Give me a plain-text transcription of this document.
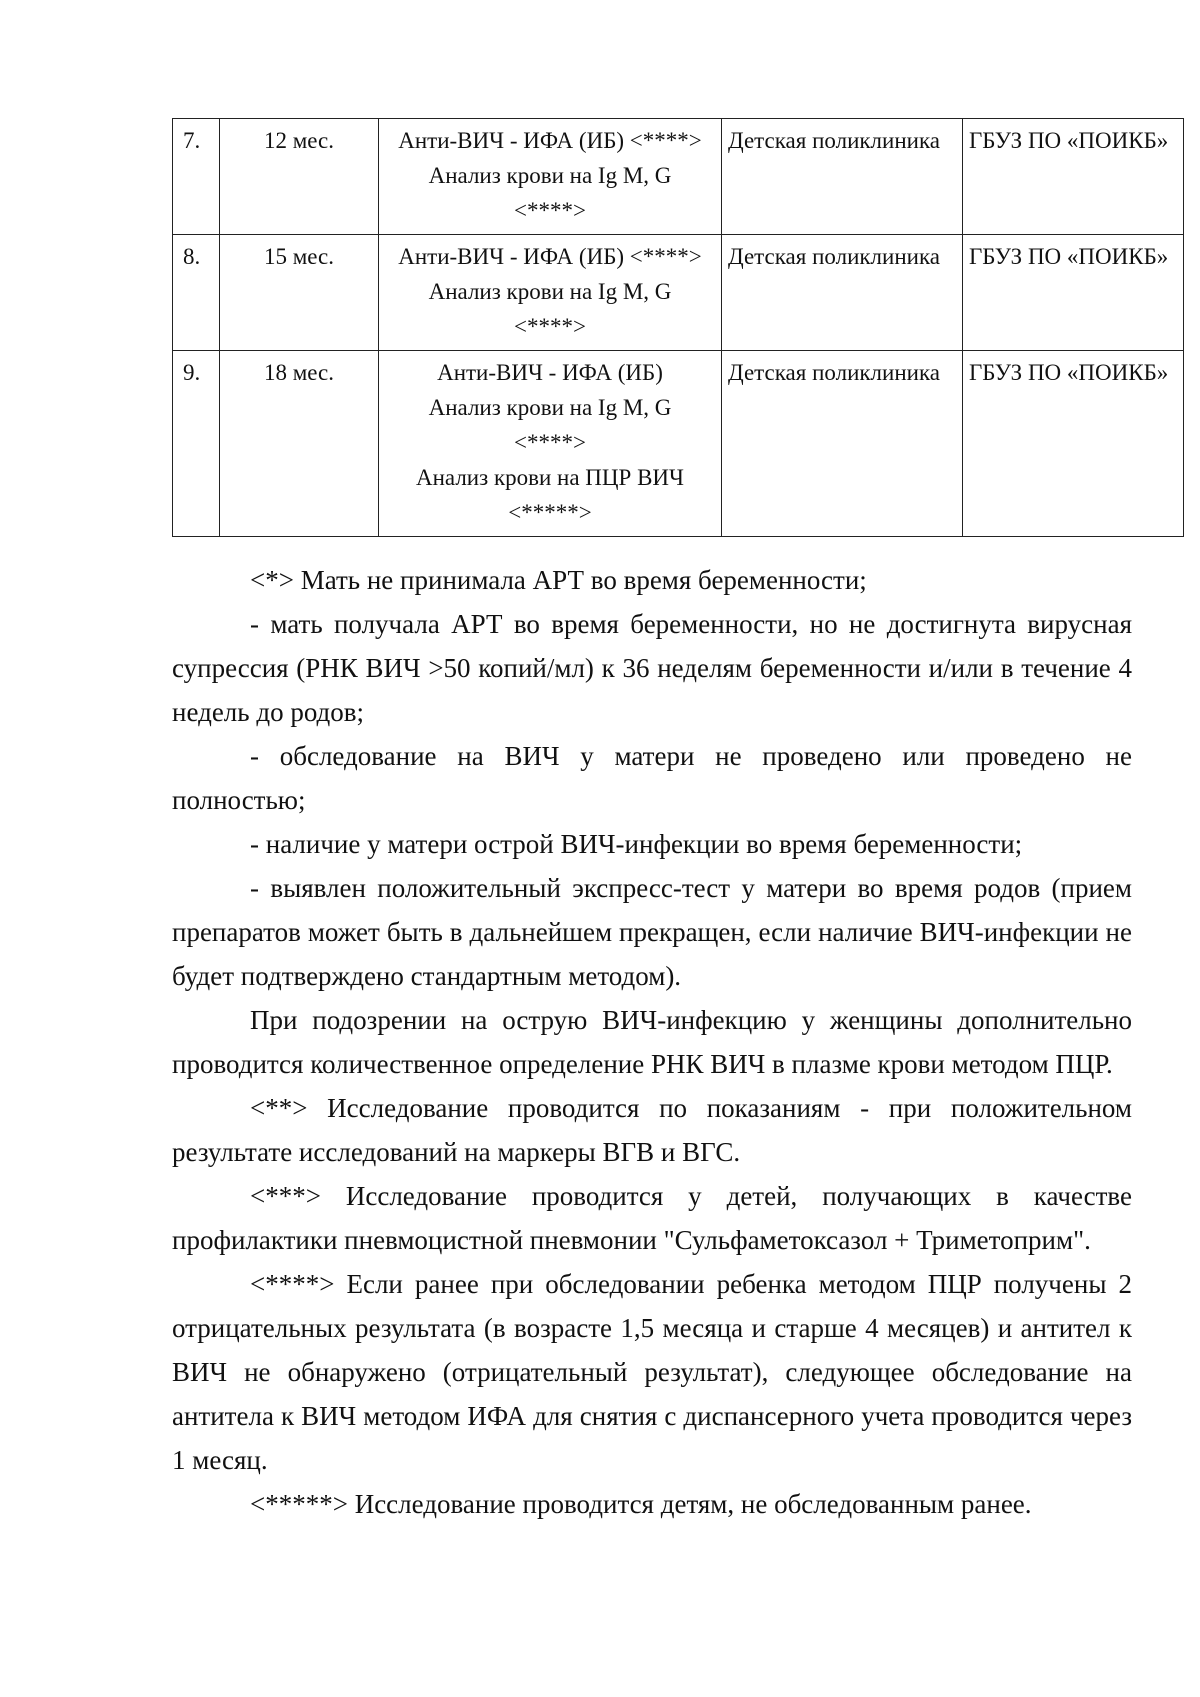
7.	12 мес.	Анти-ВИЧ - ИФА (ИБ) <****>
Анализ крови на Ig M, G
<****>	Детская поликлиника	ГБУЗ ПО «ПОИКБ»
8.	15 мес.	Анти-ВИЧ - ИФА (ИБ) <****>
Анализ крови на Ig M, G
<****>	Детская поликлиника	ГБУЗ ПО «ПОИКБ»
9.	18 мес.	Анти-ВИЧ - ИФА (ИБ)
Анализ крови на Ig M, G
<****>
Анализ крови на ПЦР ВИЧ
<*****>	Детская поликлиника	ГБУЗ ПО «ПОИКБ»

<*> Мать не принимала АРТ во время беременности;

- мать получала АРТ во время беременности, но не достигнута вирусная супрессия (РНК ВИЧ >50 копий/мл) к 36 неделям беременности и/или в течение 4 недель до родов;

- обследование на ВИЧ у матери не проведено или проведено не полностью;

- наличие у матери острой ВИЧ-инфекции во время беременности;

- выявлен положительный экспресс-тест у матери во время родов (прием препаратов может быть в дальнейшем прекращен, если наличие ВИЧ-инфекции не будет подтверждено стандартным методом).

При подозрении на острую ВИЧ-инфекцию у женщины дополнительно проводится количественное определение РНК ВИЧ в плазме крови методом ПЦР.

<**> Исследование проводится по показаниям - при положительном результате исследований на маркеры ВГВ и ВГС.

<***> Исследование проводится у детей, получающих в качестве профилактики пневмоцистной пневмонии "Сульфаметоксазол + Триметоприм".

<****> Если ранее при обследовании ребенка методом ПЦР получены 2 отрицательных результата (в возрасте 1,5 месяца и старше 4 месяцев) и антител к ВИЧ не обнаружено (отрицательный результат), следующее обследование на антитела к ВИЧ методом ИФА для снятия с диспансерного учета проводится через 1 месяц.

<*****> Исследование проводится детям, не обследованным ранее.
